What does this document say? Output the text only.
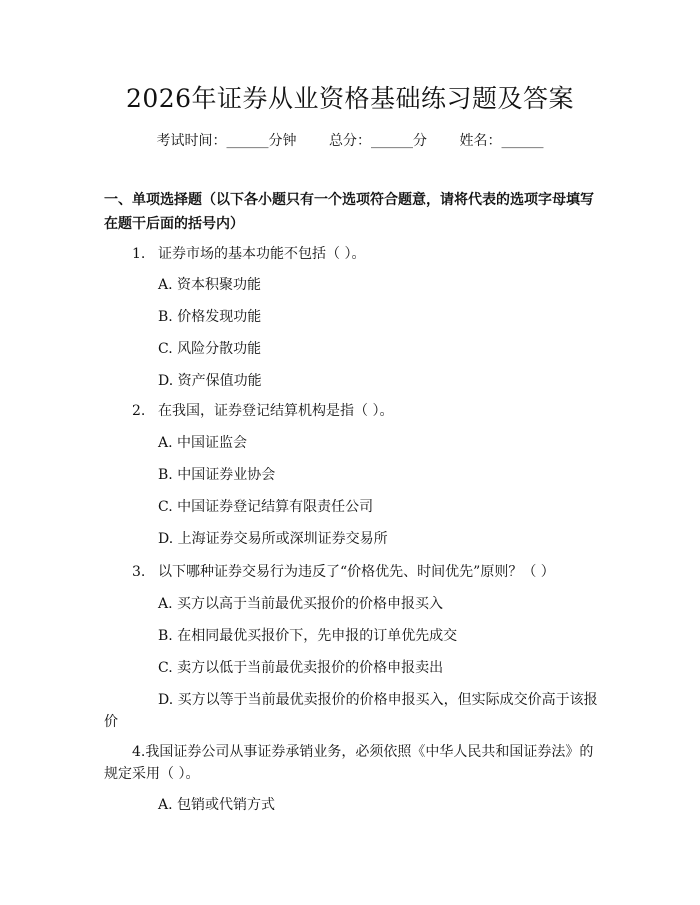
2026年证券从业资格基础练习题及答案
考试时间：______分钟 总分：______分 姓名：______
一、单项选择题（以下各小题只有一个选项符合题意，请将代表的选项字母填写
在题干后面的括号内）
1. 证券市场的基本功能不包括（ ）。
A. 资本积聚功能
B. 价格发现功能
C. 风险分散功能
D. 资产保值功能
2. 在我国，证券登记结算机构是指（ ）。
A. 中国证监会
B. 中国证券业协会
C. 中国证券登记结算有限责任公司
D. 上海证券交易所或深圳证券交易所
3. 以下哪种证券交易行为违反了“价格优先、时间优先”原则？（ ）
A. 买方以高于当前最优买报价的价格申报买入
B. 在相同最优买报价下，先申报的订单优先成交
C. 卖方以低于当前最优卖报价的价格申报卖出
D. 买方以等于当前最优卖报价的价格申报买入，但实际成交价高于该报
价
4.我国证券公司从事证券承销业务，必须依照《中华人民共和国证券法》的
规定采用（ ）。
A. 包销或代销方式
